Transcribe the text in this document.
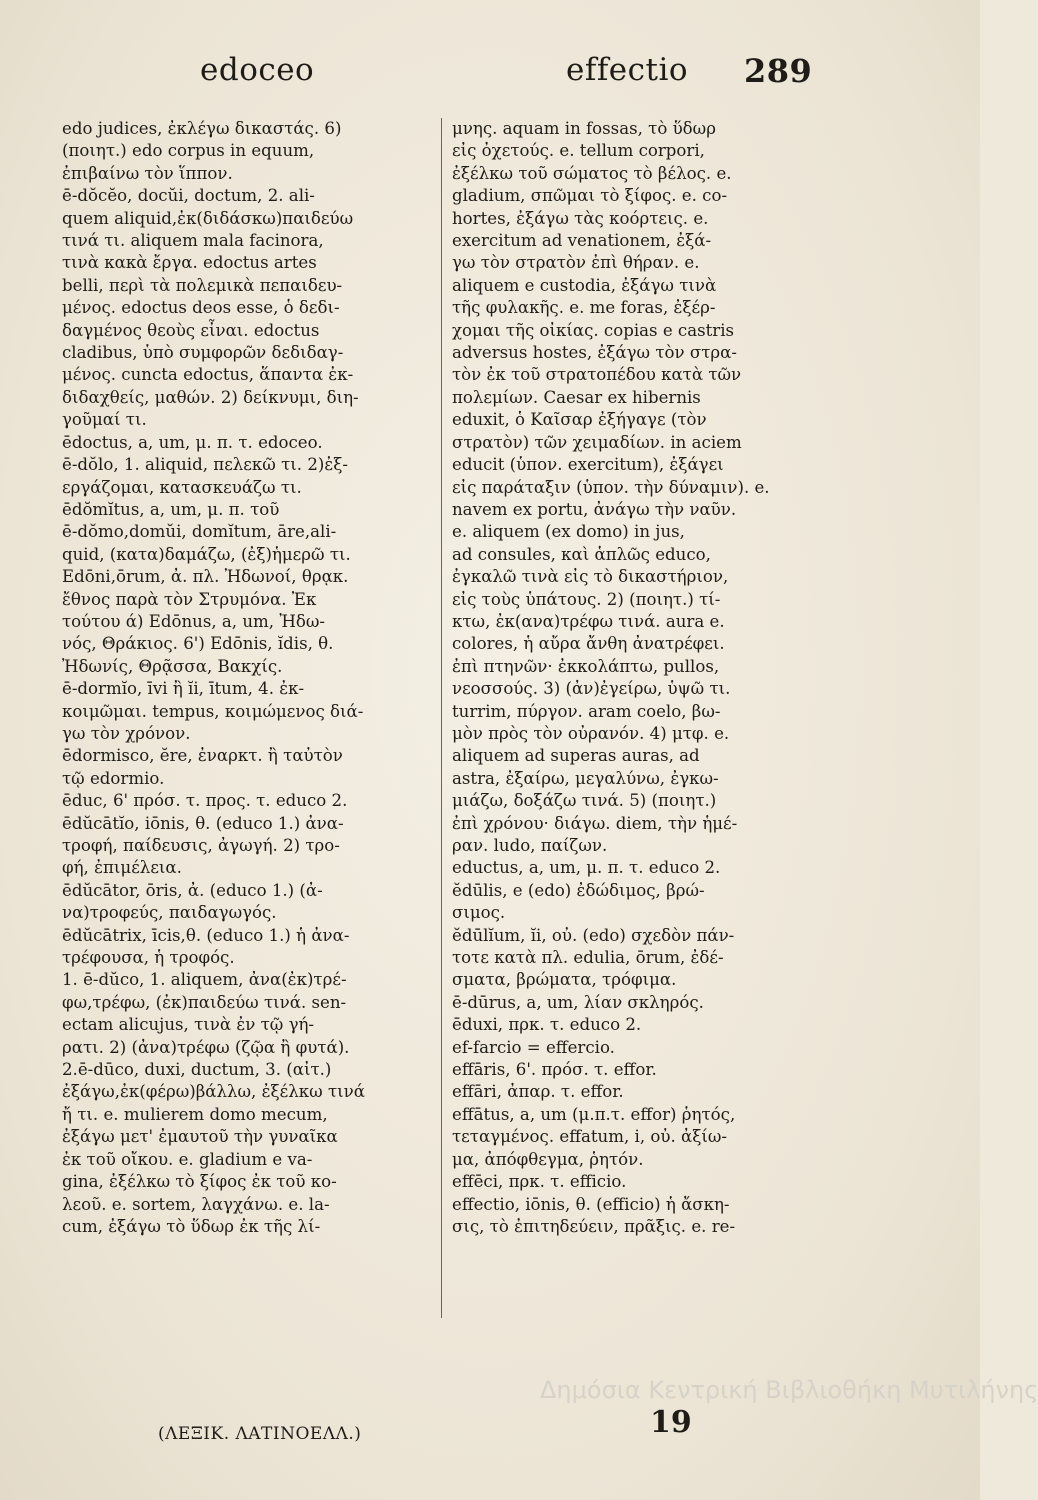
edoceo	effectio 289
edo judices, ἐκλέγω δικαστάς. 6)
(ποιητ.) edo corpus in equum,
ἐπιβαίνω τὸν ἵππον.
ē-dŏcĕo, docŭi, doctum, 2. ali-
quem aliquid,ἐκ(διδάσκω)παιδεύω
τινά τι. aliquem mala facinora,
τινὰ κακὰ ἔργα. edoctus artes
belli, περὶ τὰ πολεμικὰ πεπαιδευ-
μένος. edoctus deos esse, ὁ δεδι-
δαγμένος θεοὺς εἶναι. edoctus
cladibus, ὑπὸ συμφορῶν δεδιδαγ-
μένος. cuncta edoctus, ἅπαντα ἐκ-
διδαχθείς, μαθών. 2) δείκνυμι, διη-
γοῦμαί τι.
ēdoctus, a, um, μ. π. τ. edoceo.
ē-dŏlo, 1. aliquid, πελεκῶ τι. 2)ἐξ-
εργάζομαι, κατασκευάζω τι.
ēdŏmĭtus, a, um, μ. π. τοῦ
ē-dŏmo,domŭi, domĭtum, āre,ali-
quid, (κατα)δαμάζω, (ἐξ)ἡμερῶ τι.
Edōni,ōrum, ἀ. πλ. Ἠδωνοί, θρᾳκ.
ἔθνος παρὰ τὸν Στρυμόνα. Ἐκ
τούτου ά) Edōnus, a, um, Ἠδω-
νός, Θράκιος. 6') Edōnis, ĭdis, θ.
Ἠδωνίς, Θρᾷσσα, Βακχίς.
ē-dormĭo, īvi ἢ ĭi, ītum, 4. ἐκ-
κοιμῶμαι. tempus, κοιμώμενος διά-
γω τὸν χρόνον.
ēdormisco, ĕre, ἐναρκτ. ἢ ταὐτὸν
τῷ edormio.
ēduc, 6' πρόσ. τ. προς. τ. educo 2.
ēdŭcātĭo, iōnis, θ. (educo 1.) ἀνα-
τροφή, παίδευσις, ἀγωγή. 2) τρο-
φή, ἐπιμέλεια.
ēdŭcātor, ōris, ἀ. (educo 1.) (ἀ-
να)τροφεύς, παιδαγωγός.
ēdŭcātrix, īcis,θ. (educo 1.) ἡ ἀνα-
τρέφουσα, ἡ τροφός.
1. ē-dŭco, 1. aliquem, ἀνα(ἐκ)τρέ-
φω,τρέφω, (ἐκ)παιδεύω τινά. sen-
ectam alicujus, τινὰ ἐν τῷ γή-
ρατι. 2) (ἀνα)τρέφω (ζῷα ἢ φυτά).
2.ē-dūco, duxi, ductum, 3. (αἰτ.)
ἐξάγω,ἐκ(φέρω)βάλλω, ἐξέλκω τινά
ἤ τι. e. mulierem domo mecum,
ἐξάγω μετ' ἐμαυτοῦ τὴν γυναῖκα
ἐκ τοῦ οἴκου. e. gladium e va-
gina, ἐξέλκω τὸ ξίφος ἐκ τοῦ κο-
λεοῦ. e. sortem, λαγχάνω. e. la-
cum, ἐξάγω τὸ ὕδωρ ἐκ τῆς λί-
μνης. aquam in fossas, τὸ ὕδωρ
εἰς ὀχετούς. e. tellum corpori,
ἐξέλκω τοῦ σώματος τὸ βέλος. e.
gladium, σπῶμαι τὸ ξίφος. e. co-
hortes, ἐξάγω τὰς κοόρτεις. e.
exercitum ad venationem, ἐξά-
γω τὸν στρατὸν ἐπὶ θήραν. e.
aliquem e custodia, ἐξάγω τινὰ
τῆς φυλακῆς. e. me foras, ἐξέρ-
χομαι τῆς οἰκίας. copias e castris
adversus hostes, ἐξάγω τὸν στρα-
τὸν ἐκ τοῦ στρατοπέδου κατὰ τῶν
πολεμίων. Caesar ex hibernis
eduxit, ὁ Καῖσαρ ἐξήγαγε (τὸν
στρατὸν) τῶν χειμαδίων. in aciem
educit (ὑπον. exercitum), ἐξάγει
εἰς παράταξιν (ὑπον. τὴν δύναμιν). e.
navem ex portu, ἀνάγω τὴν ναῦν.
e. aliquem (ex domo) in jus,
ad consules, καὶ ἁπλῶς educo,
ἐγκαλῶ τινὰ εἰς τὸ δικαστήριον,
εἰς τοὺς ὑπάτους. 2) (ποιητ.) τί-
κτω, ἐκ(ανα)τρέφω τινά. aura e.
colores, ἡ αὔρα ἄνθη ἀνατρέφει.
ἐπὶ πτηνῶν· ἐκκολάπτω, pullos,
νεοσσούς. 3) (ἀν)ἐγείρω, ὑψῶ τι.
turrim, πύργον. aram coelo, βω-
μὸν πρὸς τὸν οὐρανόν. 4) μτφ. e.
aliquem ad superas auras, ad
astra, ἐξαίρω, μεγαλύνω, ἐγκω-
μιάζω, δοξάζω τινά. 5) (ποιητ.)
ἐπὶ χρόνου· διάγω. diem, τὴν ἡμέ-
ραν. ludo, παίζων.
eductus, a, um, μ. π. τ. educo 2.
ĕdūlis, e (edo) ἐδώδιμος, βρώ-
σιμος.
ĕdūlĭum, ĭi, οὐ. (edo) σχεδὸν πάν-
τοτε κατὰ πλ. edulia, ōrum, ἐδέ-
σματα, βρώματα, τρόφιμα.
ē-dūrus, a, um, λίαν σκληρός.
ēduxi, πρκ. τ. educo 2.
ef-farcio = effercio.
effāris, 6'. πρόσ. τ. effor.
effāri, ἀπαρ. τ. effor.
effātus, a, um (μ.π.τ. effor) ῥητός,
τεταγμένος. effatum, i, οὐ. ἀξίω-
μα, ἀπόφθεγμα, ῥητόν.
effēci, πρκ. τ. efficio.
effectio, iōnis, θ. (efficio) ἡ ἄσκη-
σις, τὸ ἐπιτηδεύειν, πρᾶξις. e. re-
Δημόσια Κεντρική Βιβλιοθήκη Μυτιλήνης
(ΛΕΞΙΚ. ΛΑΤΙΝΟΕΛΛ.)	19
